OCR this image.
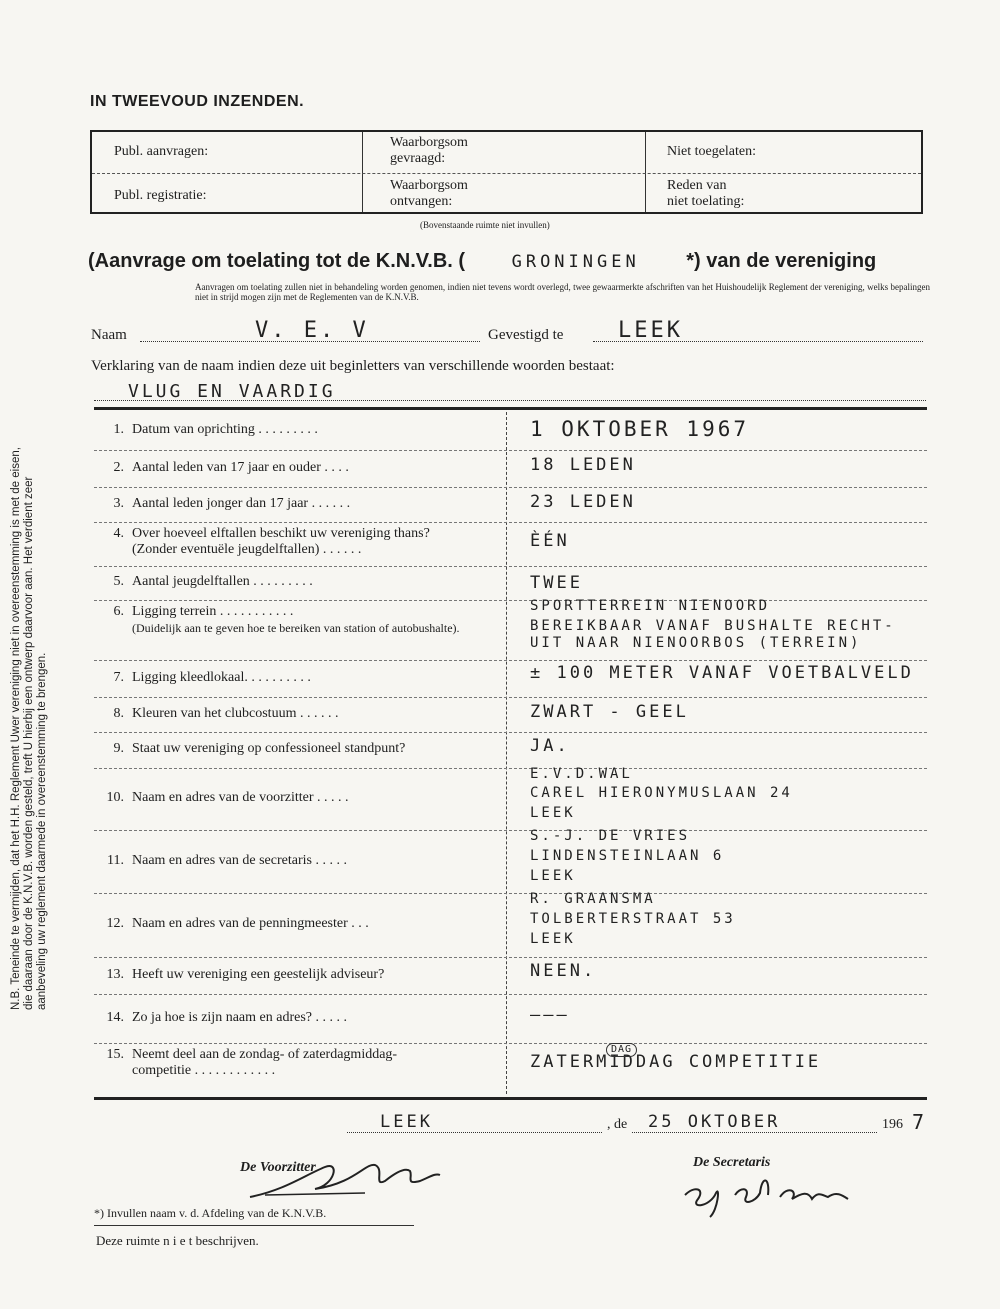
IN TWEEVOUD INZENDEN.
Publ. aanvragen:
Publ. registratie:
Waarborgsom
gevraagd:
Waarborgsom
ontvangen:
Niet toegelaten:
Reden van
niet toelating:
(Bovenstaande ruimte niet invullen)
N.B. Teneinde te vermijden, dat het H.H. Reglement Uwer vereniging niet in overeenstemming is met de eisen, die daaraan door de K.N.V.B. worden gesteld, treft U hierbij een ontwerp daarvoor aan. Het verdient zeer aanbeveling uw reglement daarmede in overeenstemming te brengen.
(Aanvrage om toelating tot de K.N.V.B. (	GRONINGEN *) van de vereniging
Aanvragen om toelating zullen niet in behandeling worden genomen, indien niet tevens wordt overlegd, twee gewaarmerkte afschriften van het Huishoudelijk Reglement der vereniging, welks bepalingen niet in strijd mogen zijn met de Reglementen van de K.N.V.B.
Naam	V. E. V	Gevestigd te LEEK
Verklaring van de naam indien deze uit beginletters van verschillende woorden bestaat:
VLUG EN VAARDIG
1. Datum van oprichting . . . . . . . . .	1 OKTOBER 1967
2. Aantal leden van 17 jaar en ouder . . . .	18 LEDEN
3. Aantal leden jonger dan 17 jaar . . . . . .	23 LEDEN
4. Over hoeveel elftallen beschikt uw vereniging thans?
(Zonder eventuële jeugdelftallen) . . . . . .	ÈÉN
5. Aantal jeugdelftallen . . . . . . . . .	TWEE
6. Ligging terrein . . . . . . . . . . .
(Duidelijk aan te geven hoe te bereiken van station of autobushalte).
SPORTTERREIN NIENOORD
BEREIKBAAR VANAF BUSHALTE RECHT-
UIT NAAR NIENOORBOS (TERREIN)
7. Ligging kleedlokaal. . . . . . . . . .	± 100 METER VANAF VOETBALVELD
8. Kleuren van het clubcostuum . . . . . .	ZWART - GEEL
9. Staat uw vereniging op confessioneel standpunt?	JA.
10. Naam en adres van de voorzitter . . . . .
E.V.D.WAL
CAREL HIERONYMUSLAAN 24
LEEK
11. Naam en adres van de secretaris . . . . .
S.-J. DE VRIES
LINDENSTEINLAAN 6
LEEK
12. Naam en adres van de penningmeester . . .
R. GRAANSMA
TOLBERTERSTRAAT 53
LEEK
13. Heeft uw vereniging een geestelijk adviseur?	NEEN.
14. Zo ja hoe is zijn naam en adres? . . . . .	———
15. Neemt deel aan de zondag- of zaterdagmiddag-
competitie . . . . . . . . . . . .	ZATERMIDDAG COMPETITIE
DAG
LEEK	, de 25 OKTOBER	196 7
De Voorzitter	De Secretaris
*) Invullen naam v. d. Afdeling van de K.N.V.B.
Deze ruimte n i e t beschrijven.
